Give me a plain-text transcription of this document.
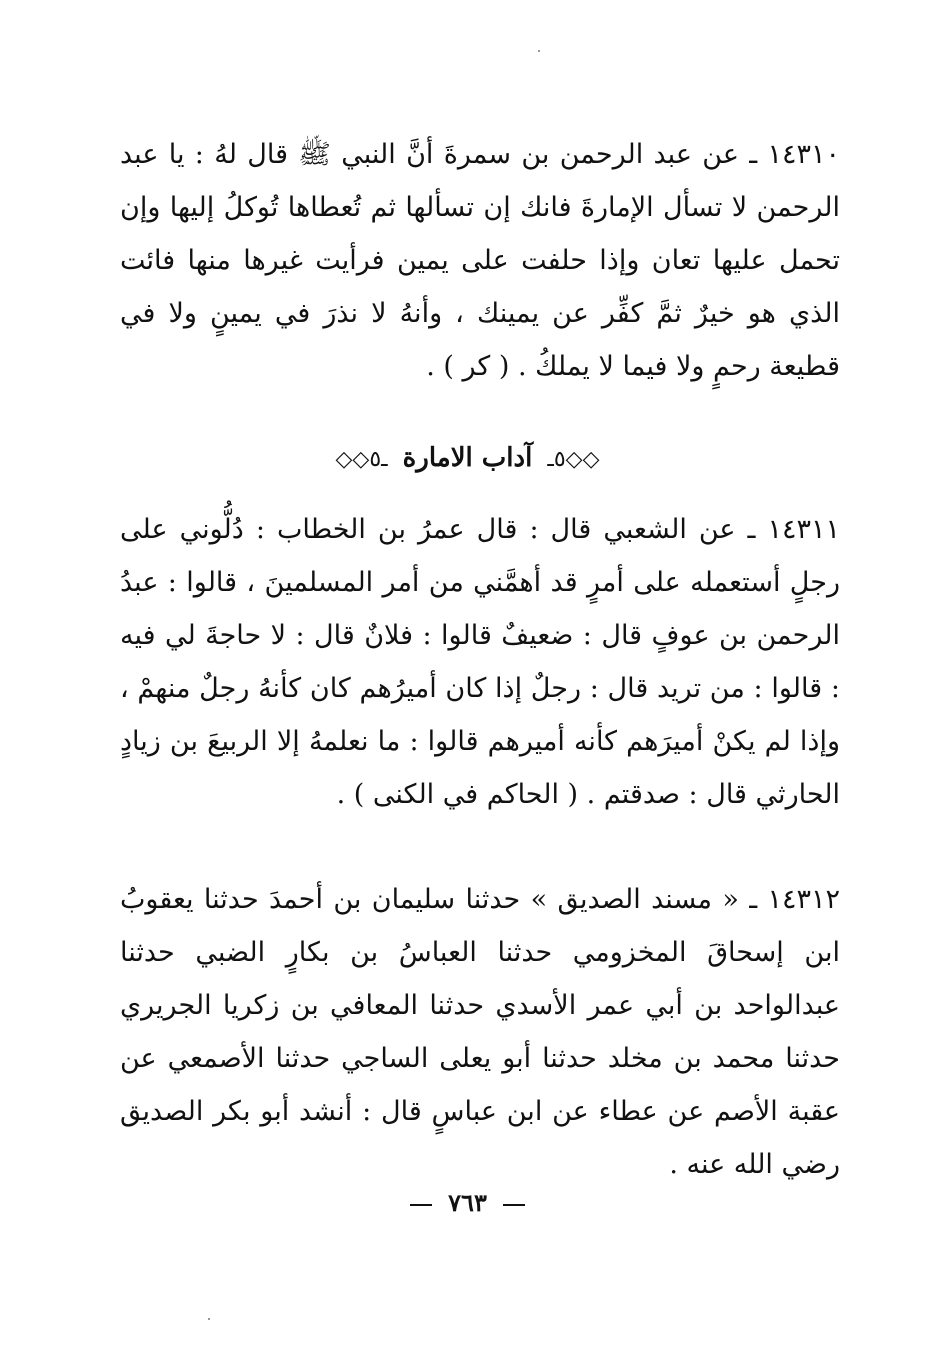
١٤٣١٠ ـ عن عبد الرحمن بن سمرةَ أنَّ النبي ﷺ قال لهُ : يا عبد الرحمن لا تسأل الإمارةَ فانك إن تسألها ثم تُعطاها تُوكلُ إليها وإن تحمل عليها تعان وإذا حلفت على يمين فرأيت غيرها منها فائت الذي هو خيرٌ ثمَّ كفِّر عن يمينك ، وأنهُ لا نذرَ في يمينٍ ولا في قطيعة رحمٍ ولا فيما لا يملكُ . ( كر ) .

◇◇٥ـ آداب الامارة ـ٥◇◇

١٤٣١١ ـ عن الشعبي قال : قال عمرُ بن الخطاب : دُلُّوني على رجلٍ أستعمله على أمرٍ قد أهمَّني من أمر المسلمينَ ، قالوا : عبدُ الرحمن بن عوفٍ قال : ضعيفٌ قالوا : فلانٌ قال : لا حاجةَ لي فيه : قالوا : من تريد قال : رجلٌ إذا كان أميرُهم كان كأنهُ رجلٌ منهمْ ، وإذا لم يكنْ أميرَهم كأنه أميرهم قالوا : ما نعلمهُ إلا الربيعَ بن زيادٍ الحارثي قال : صدقتم . ( الحاكم في الكنى ) .

١٤٣١٢ ـ « مسند الصديق » حدثنا سليمان بن أحمدَ حدثنا يعقوبُ ابن إسحاقَ المخزومي حدثنا العباسُ بن بكارٍ الضبي حدثنا عبدالواحد بن أبي عمر الأسدي حدثنا المعافي بن زكريا الجريري حدثنا محمد بن مخلد حدثنا أبو يعلى الساجي حدثنا الأصمعي عن عقبة الأصم عن عطاء عن ابن عباسٍ قال : أنشد أبو بكر الصديق رضي الله عنه .

٧٦٣
